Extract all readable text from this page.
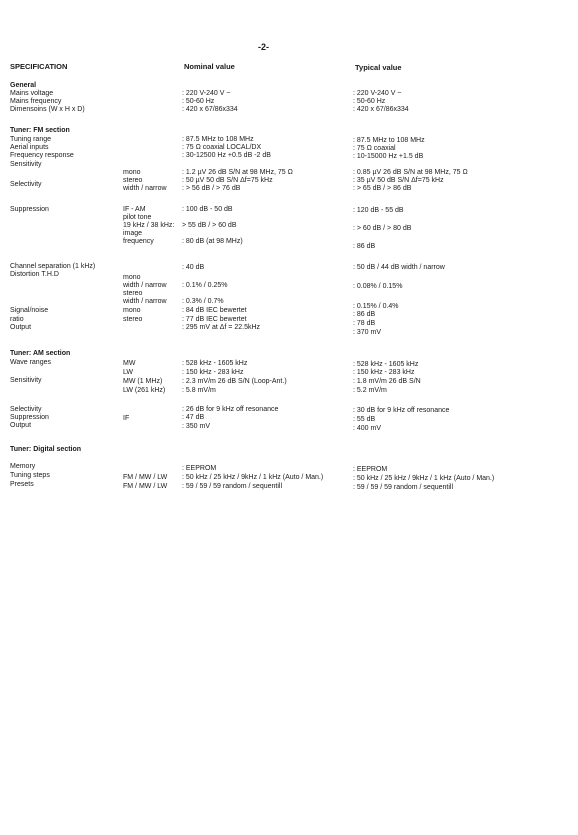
-2-
SPECIFICATION	Nominal value	Typical value
General
Mains voltage
Mains frequency
Dimensoins (W x H x D)
: 220 V-240 V ~
: 50-60 Hz
: 420 x 67/86x334
: 220 V-240 V ~
: 50-60 Hz
: 420 x 67/86x334
Tuner: FM section
Tuning range
Aerial inputs
Frequency response
Sensitivity
Selectivity
Suppression
Channel separation (1 kHz)
Distortion T.H.D
Signal/noise
ratio
Output
mono
stereo
width / narrow
IF - AM
pilot tone
19 kHz / 38 kHz:
image
frequency
mono
width / narrow
stereo
width / narrow
mono
stereo
: 87.5 MHz to 108 MHz
: 75 Ω coaxial LOCAL/DX
: 30-12500 Hz +0.5 dB -2 dB
: 1.2 µV 26 dB S/N at 98 MHz, 75 Ω
: 50 µV 50 dB S/N Δf=75 kHz
: > 56 dB / > 76 dB
: 100 dB - 50 dB
> 55 dB / > 60 dB
: 80 dB (at 98 MHz)
: 40 dB
: 0.1% / 0.25%
: 0.3% / 0.7%
: 84 dB IEC bewertet
: 77 dB IEC bewertet
: 295 mV at Δf = 22.5kHz
: 87.5 MHz to 108 MHz
: 75 Ω coaxial
: 10-15000 Hz +1.5 dB
: 0.85 µV 26 dB S/N at 98 MHz, 75 Ω
: 35 µV 50 dB S/N Δf=75 kHz
: > 65 dB / > 86 dB
: 120 dB - 55 dB
: > 60 dB / > 80 dB
: 86 dB
: 50 dB / 44 dB width / narrow
: 0.08% / 0.15%
: 0.15% / 0.4%
: 86 dB
: 78 dB
: 370 mV
Tuner: AM section
Wave ranges
Sensitivity
Selectivity
Suppression
Output
MW
LW
MW (1 MHz)
LW (261 kHz)
IF
: 528 kHz - 1605 kHz
: 150 kHz - 283 kHz
: 2.3 mV/m 26 dB S/N (Loop-Ant.)
: 5.8 mV/m
: 26 dB for 9 kHz off resonance
: 47 dB
: 350 mV
: 528 kHz - 1605 kHz
: 150 kHz - 283 kHz
: 1.8 mV/m 26 dB S/N
: 5.2 mV/m
: 30 dB for 9 kHz off resonance
: 55 dB
: 400 mV
Tuner: Digital section
Memory
Tuning steps
Presets
FM / MW / LW
FM / MW / LW
: EEPROM
: 50 kHz / 25 kHz / 9kHz / 1 kHz (Auto / Man.)
: 59 / 59 / 59 random / sequentill
: EEPROM
: 50 kHz / 25 kHz / 9kHz / 1 kHz (Auto / Man.)
: 59 / 59 / 59 random / sequentill
